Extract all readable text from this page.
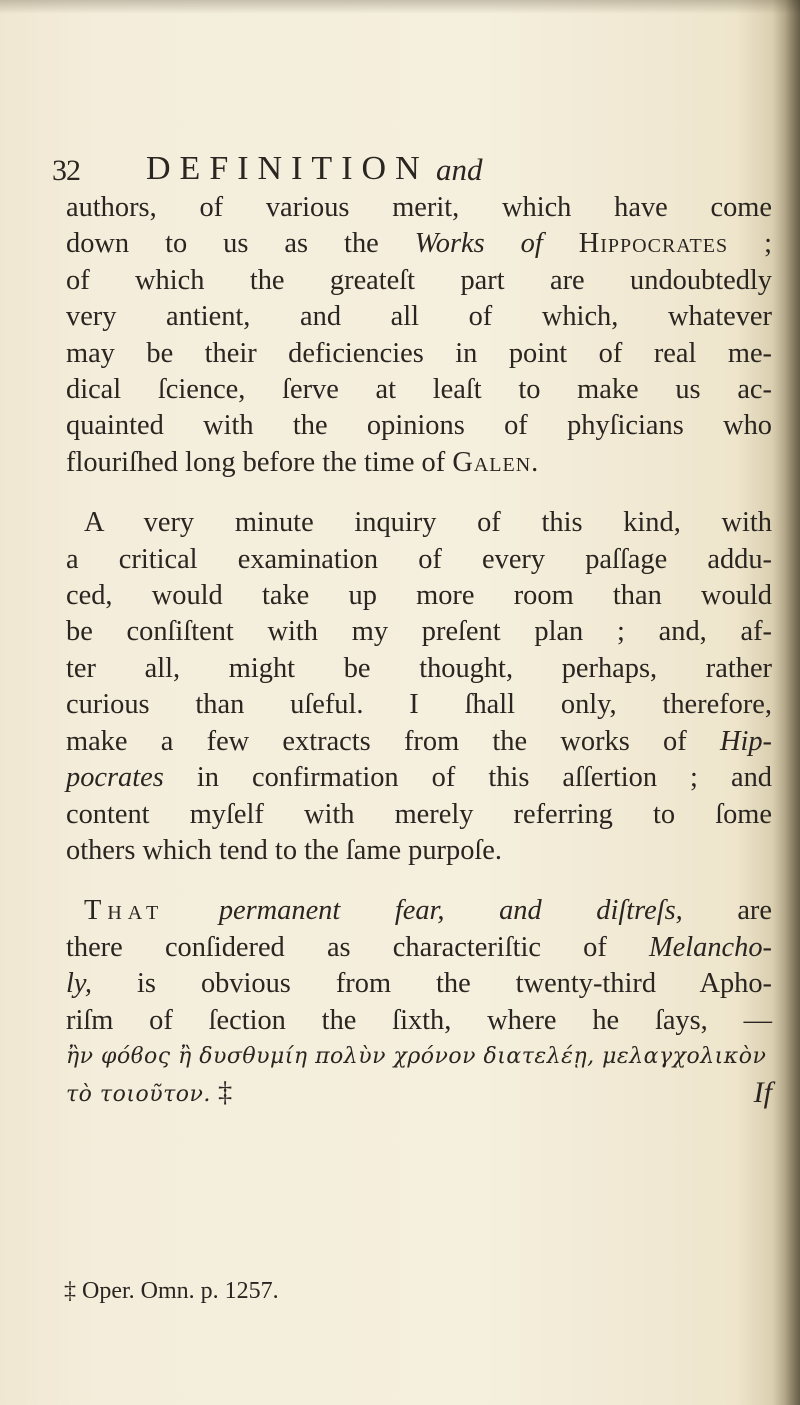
32 DEFINITION and

authors, of various merit, which have come
down to us as the Works of Hippocrates ;
of which the greateſt part are undoubtedly
very antient, and all of which, whatever
may be their deficiencies in point of real me-
dical ſcience, ſerve at leaſt to make us ac-
quainted with the opinions of phyſicians who
flouriſhed long before the time of Galen.

A very minute inquiry of this kind, with
a critical examination of every paſſage addu-
ced, would take up more room than would
be conſiſtent with my preſent plan ; and, af-
ter all, might be thought, perhaps, rather
curious than uſeful. I ſhall only, therefore,
make a few extracts from the works of Hip-
pocrates in confirmation of this aſſertion ; and
content myſelf with merely referring to ſome
others which tend to the ſame purpoſe.

That permanent fear, and diſtreſs, are
there conſidered as characteriſtic of Melancho-
ly, is obvious from the twenty-third Apho-
riſm of ſection the ſixth, where he ſays, —
ἢν φόϐος ἢ δυσθυμίη πολὺν χρόνον διατελέῃ, μελαγχολικὸν
τὸ τοιοῦτον. ‡	If

‡ Oper. Omn. p. 1257.
